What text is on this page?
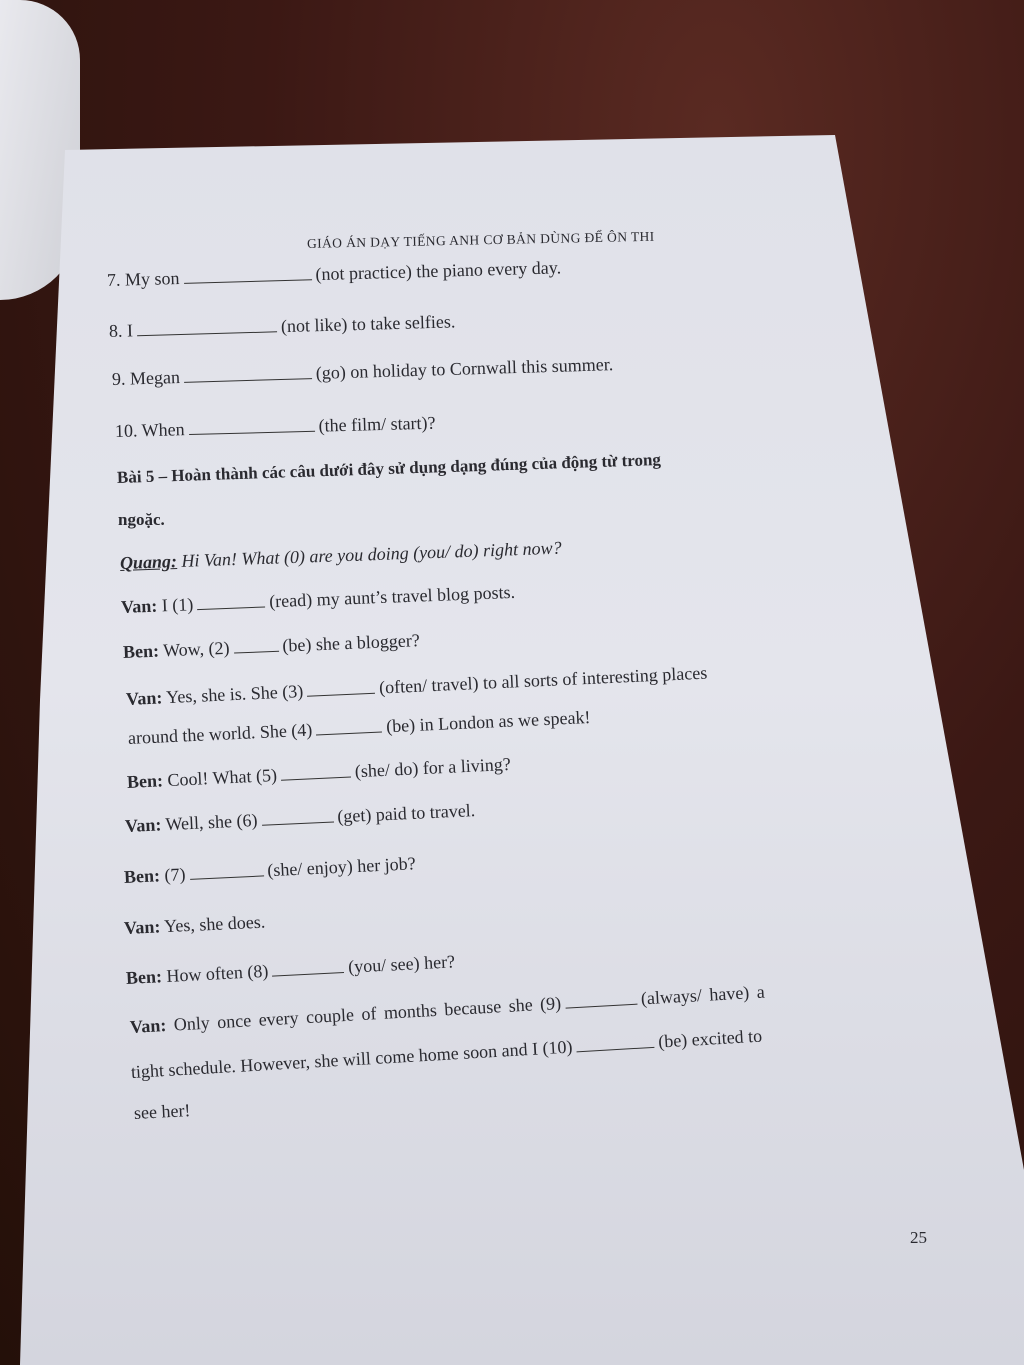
GIÁO ÁN DẠY TIẾNG ANH CƠ BẢN DÙNG ĐỂ ÔN THI
7. My son	(not practice) the piano every day.
8. I	(not like) to take selfies.
9. Megan	(go) on holiday to Cornwall this summer.
10. When	(the film/ start)?
Bài 5 – Hoàn thành các câu dưới đây sử dụng dạng đúng của động từ trong
ngoặc.
Quang: Hi Van! What (0) are you doing (you/ do) right now?
Van: I (1)	(read) my aunt’s travel blog posts.
Ben: Wow, (2)	(be) she a blogger?
Van: Yes, she is. She (3)	(often/ travel) to all sorts of interesting places
around the world. She (4)	(be) in London as we speak!
Ben: Cool! What (5)	(she/ do) for a living?
Van: Well, she (6)	(get) paid to travel.
Ben: (7)	(she/ enjoy) her job?
Van: Yes, she does.
Ben: How often (8)	(you/ see) her?
Van: Only once every couple of months because she (9)	(always/ have) a
tight schedule. However, she will come home soon and I (10)	(be) excited to
see her!
25
